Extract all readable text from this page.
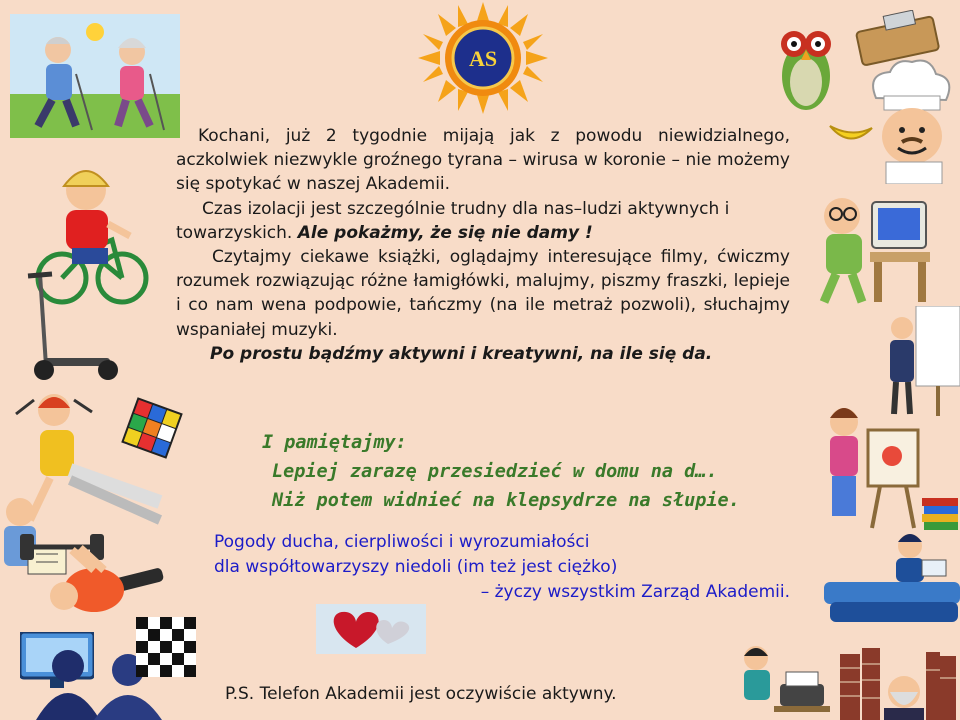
AS

Kochani, już 2 tygodnie mijają jak z powodu niewidzialnego, aczkolwiek niezwykle groźnego tyrana – wirusa w koronie – nie możemy się spotykać w naszej Akademii.

Czas izolacji jest szczególnie trudny dla nas–ludzi aktywnych i towarzyskich. Ale pokażmy, że się nie damy !

Czytajmy ciekawe książki, oglądajmy interesujące filmy, ćwiczmy rozumek rozwiązując różne łamigłówki, malujmy, piszmy fraszki, lepieje i co nam wena podpowie, tańczmy (na ile metraż pozwoli), słuchajmy wspaniałej muzyki.

Po prostu bądźmy aktywni i kreatywni, na ile się da.

I pamiętajmy:
Lepiej zarazę przesiedzieć w domu na d….
Niż potem widnieć na klepsydrze na słupie.
Pogody ducha, cierpliwości i wyrozumiałości
dla współtowarzyszy niedoli (im też jest ciężko)
– życzy wszystkim Zarząd Akademii.
P.S. Telefon Akademii jest oczywiście aktywny.
